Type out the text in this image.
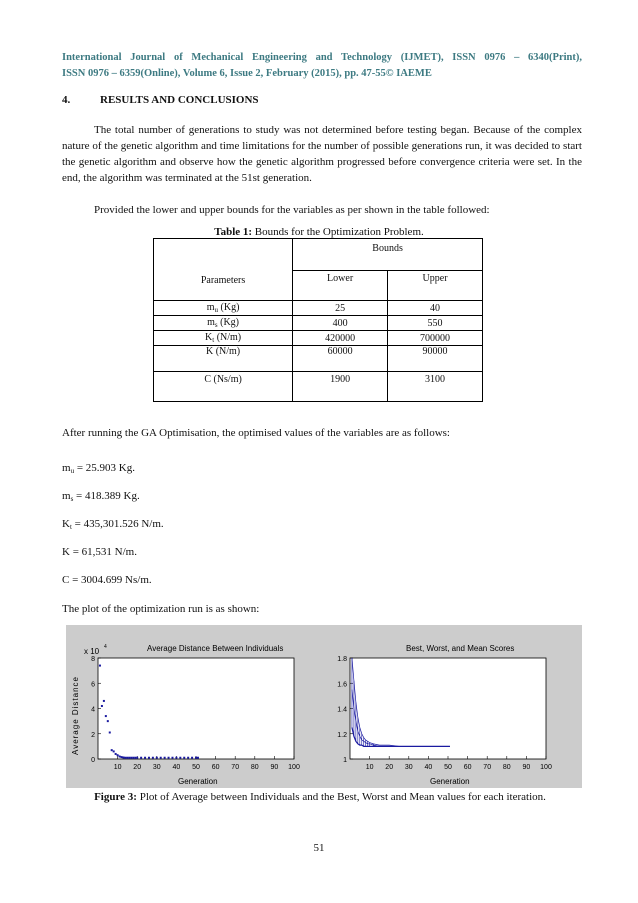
International Journal of Mechanical Engineering and Technology (IJMET), ISSN 0976 – 6340(Print),
ISSN 0976 – 6359(Online), Volume 6, Issue 2, February (2015), pp. 47-55© IAEME
4.	RESULTS AND CONCLUSIONS
The total number of generations to study was not determined before testing began. Because of the complex nature of the genetic algorithm and time limitations for the number of possible generations run, it was decided to start the genetic algorithm and observe how the genetic algorithm progressed before convergence criteria were set. In the end, the algorithm was terminated at the 51st generation.
Provided the lower and upper bounds for the variables as per shown in the table followed:
Table 1: Bounds for the Optimization Problem.
Parameters	Bounds	
	Lower	Upper
$m_u$ (Kg)	25	40
$m_s$ (Kg)	400	550
$K_t$ (N/m)	420000	700000
K (N/m)	60000	90000
C (Ns/m)	1900	3100
After running the GA Optimisation, the optimised values of the variables are as follows:
$m_u = 25.903$ Kg.
$m_s = 418.389$ Kg.
$K_t = 435,301.526$ N/m.
K = 61,531 N/m.
C = 3004.699 Ns/m.
The plot of the optimization run is as shown:
Average Distance Between Individuals
x 10 4
Generation
Average Distance
10 20 30 40 50 60 70 80 90 100
0
2
4
6
8
Best, Worst, and Mean Scores
Generation
10 20 30 40 50 60 70 80 90 100
1
1.2
1.4
1.6
1.8
Figure 3: Plot of Average between Individuals and the Best, Worst and Mean values for each iteration.
51
